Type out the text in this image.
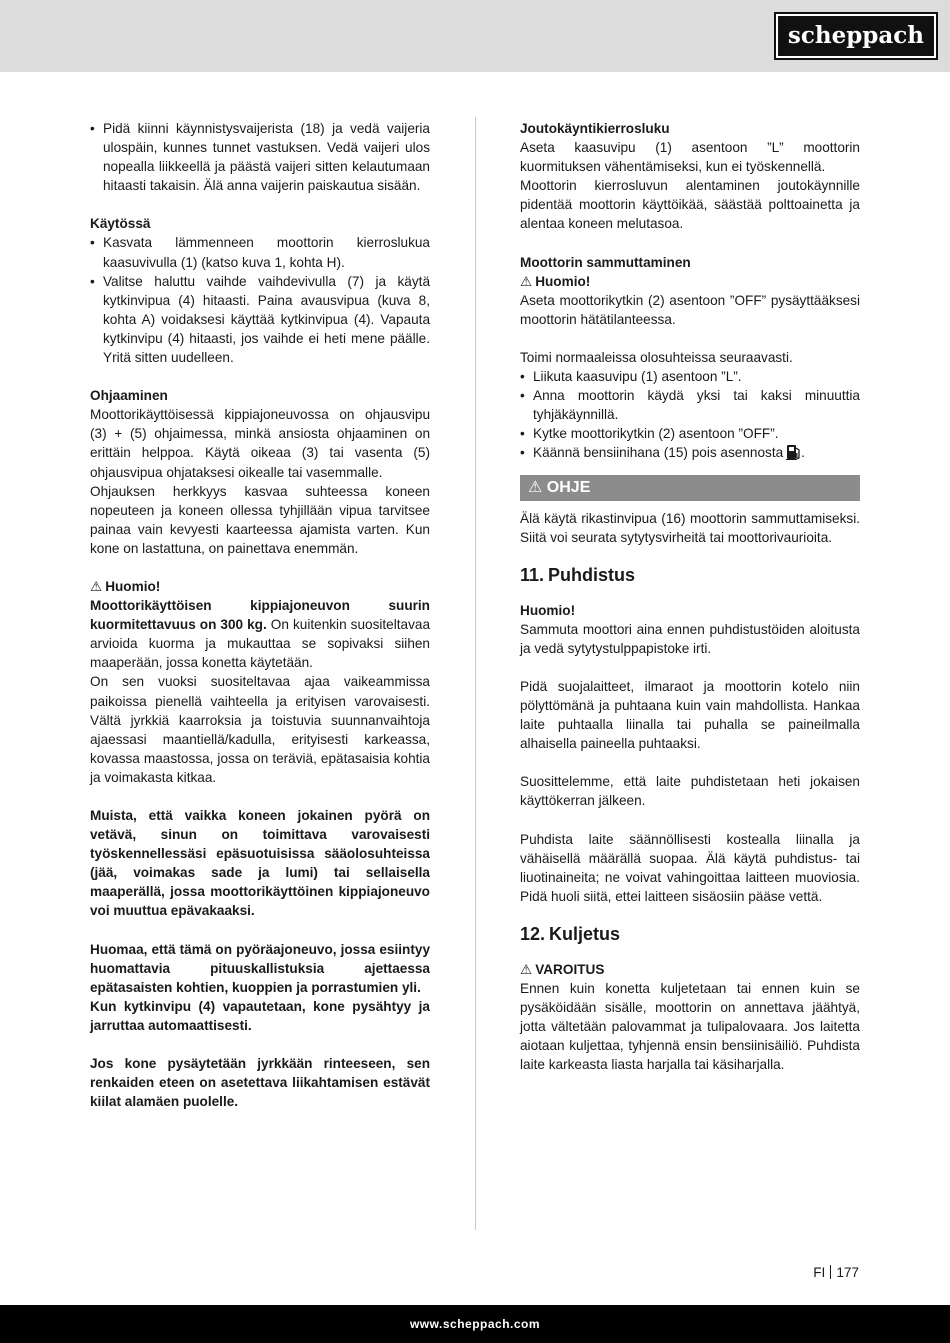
scheppach
• Pidä kiinni käynnistysvaijerista (18) ja vedä vaijeria ulospäin, kunnes tunnet vastuksen. Vedä vaijeri ulos nopealla liikkeellä ja päästä vaijeri sitten kelautumaan hitaasti takaisin. Älä anna vaijerin paiskautua sisään.

Käytössä

• Kasvata lämmenneen moottorin kierroslukua kaasuvivulla (1) (katso kuva 1, kohta H).
• Valitse haluttu vaihde vaihdevivulla (7) ja käytä kytkinvipua (4) hitaasti. Paina avausvipua (kuva 8, kohta A) voidaksesi käyttää kytkinvipua (4). Vapauta kytkinvipu (4) hitaasti, jos vaihde ei heti mene päälle. Yritä sitten uudelleen.

Ohjaaminen

Moottorikäyttöisessä kippiajoneuvossa on ohjausvipu (3) + (5) ohjaimessa, minkä ansiosta ohjaaminen on erittäin helppoa. Käytä oikeaa (3) tai vasenta (5) ohjausvipua ohjataksesi oikealle tai vasemmalle.

Ohjauksen herkkyys kasvaa suhteessa koneen nopeuteen ja koneen ollessa tyhjillään vipua tarvitsee painaa vain kevyesti kaarteessa ajamista varten. Kun kone on lastattuna, on painettava enemmän.

⚠ Huomio!

Moottorikäyttöisen kippiajoneuvon suurin kuormitettavuus on 300 kg. On kuitenkin suositeltavaa arvioida kuorma ja mukauttaa se sopivaksi siihen maaperään, jossa konetta käytetään.

On sen vuoksi suositeltavaa ajaa vaikeammissa paikoissa pienellä vaihteella ja erityisen varovaisesti. Vältä jyrkkiä kaarroksia ja toistuvia suunnanvaihtoja ajaessasi maantiellä/kadulla, erityisesti karkeassa, kovassa maastossa, jossa on teräviä, epätasaisia kohtia ja voimakasta kitkaa.

Muista, että vaikka koneen jokainen pyörä on vetävä, sinun on toimittava varovaisesti työskennellessäsi epäsuotuisissa sääolosuhteissa (jää, voimakas sade ja lumi) tai sellaisella maaperällä, jossa moottorikäyttöinen kippiajoneuvo voi muuttua epävakaaksi.

Huomaa, että tämä on pyöräajoneuvo, jossa esiintyy huomattavia pituuskallistuksia ajettaessa epätasaisten kohtien, kuoppien ja porrastumien yli.

Kun kytkinvipu (4) vapautetaan, kone pysähtyy ja jarruttaa automaattisesti.

Jos kone pysäytetään jyrkkään rinteeseen, sen renkaiden eteen on asetettava liikahtamisen estävät kiilat alamäen puolelle.

Joutokäyntikierrosluku

Aseta kaasuvipu (1) asentoon ”L” moottorin kuormituksen vähentämiseksi, kun ei työskennellä.

Moottorin kierrosluvun alentaminen joutokäynnille pidentää moottorin käyttöikää, säästää polttoainetta ja alentaa koneen melutasoa.

Moottorin sammuttaminen

⚠ Huomio!

Aseta moottorikytkin (2) asentoon ”OFF” pysäyttääksesi moottorin hätätilanteessa.

Toimi normaaleissa olosuhteissa seuraavasti.

• Liikuta kaasuvipu (1) asentoon ”L”.
• Anna moottorin käydä yksi tai kaksi minuuttia tyhjäkäynnillä.
• Kytke moottorikytkin (2) asentoon ”OFF”.
• Käännä bensiinihana (15) pois asennosta .
⚠ OHJE

Älä käytä rikastinvipua (16) moottorin sammuttamiseksi. Siitä voi seurata sytytysvirheitä tai moottorivaurioita.

11. Puhdistus

Huomio!

Sammuta moottori aina ennen puhdistustöiden aloitusta ja vedä sytytystulppapistoke irti.

Pidä suojalaitteet, ilmaraot ja moottorin kotelo niin pölyttömänä ja puhtaana kuin vain mahdollista. Hankaa laite puhtaalla liinalla tai puhalla se paineilmalla alhaisella paineella puhtaaksi.

Suosittelemme, että laite puhdistetaan heti jokaisen käyttökerran jälkeen.

Puhdista laite säännöllisesti kostealla liinalla ja vähäisellä määrällä suopaa. Älä käytä puhdistus- tai liuotinaineita; ne voivat vahingoittaa laitteen muoviosia. Pidä huoli siitä, ettei laitteen sisäosiin pääse vettä.

12. Kuljetus

⚠ VAROITUS

Ennen kuin konetta kuljetetaan tai ennen kuin se pysäköidään sisälle, moottorin on annettava jäähtyä, jotta vältetään palovammat ja tulipalovaara. Jos laitetta aiotaan kuljettaa, tyhjennä ensin bensiinisäiliö. Puhdista laite karkeasta liasta harjalla tai käsiharjalla.

FI 177
www.scheppach.com
